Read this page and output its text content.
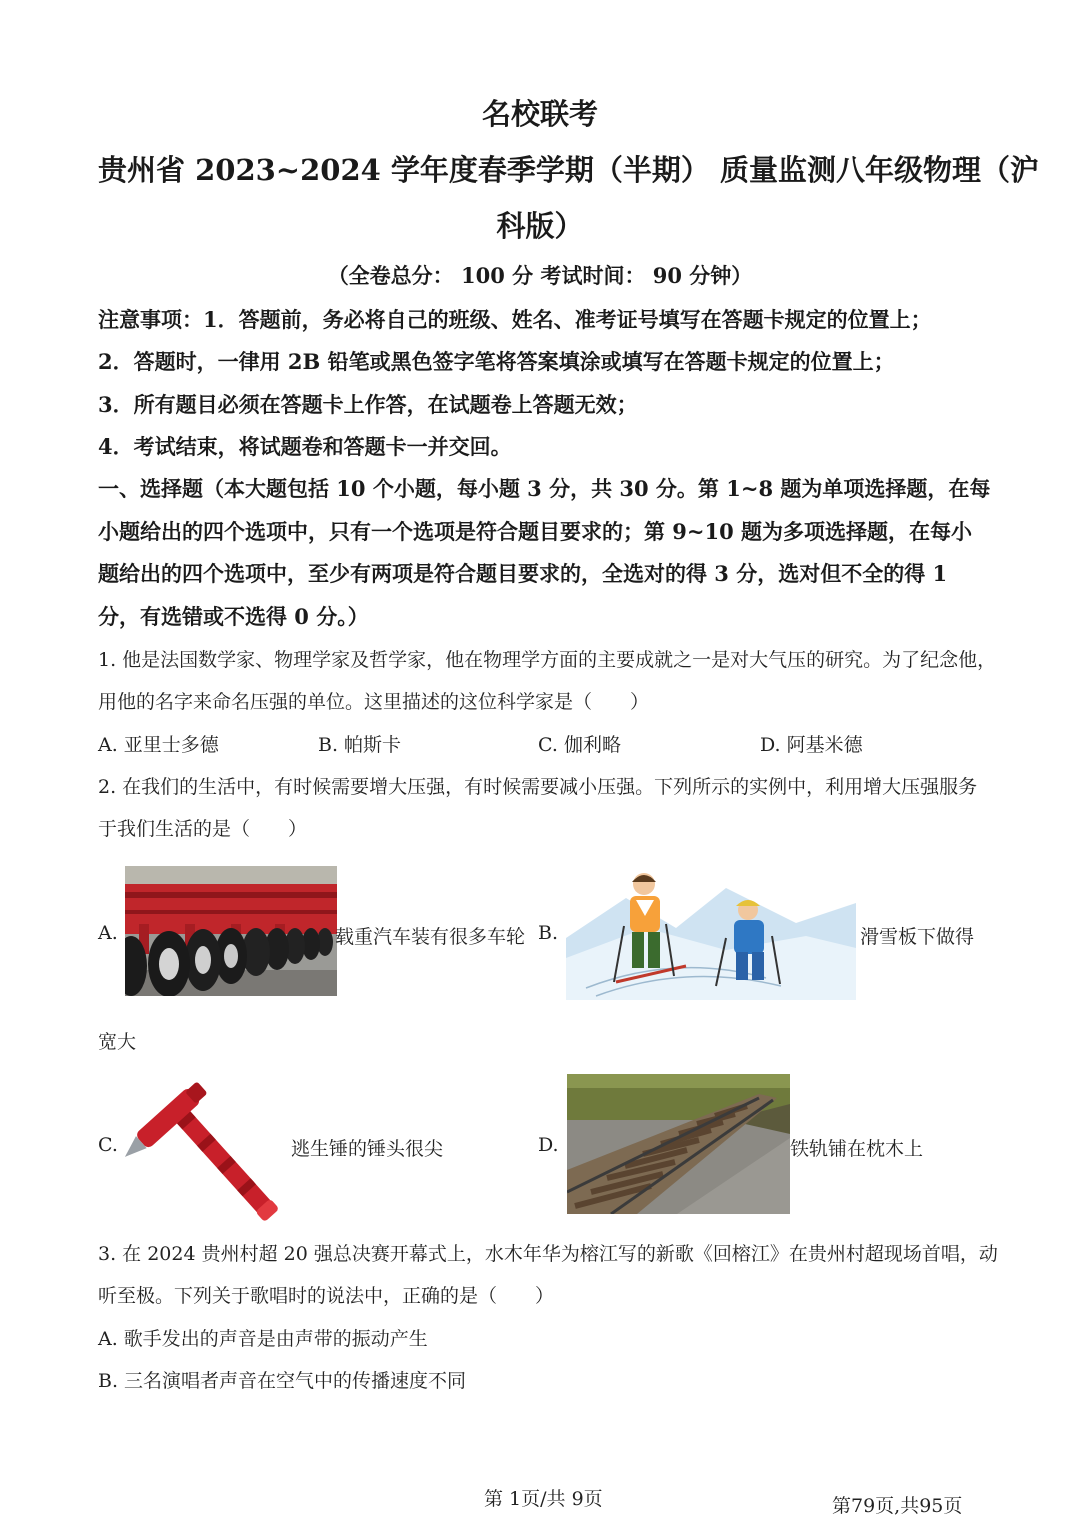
名校联考
贵州省 2023~2024 学年度春季学期（半期） 质量监测八年级物理（沪
科版）
（全卷总分： 100 分 考试时间： 90 分钟）
注意事项：1．答题前，务必将自己的班级、姓名、准考证号填写在答题卡规定的位置上；
2．答题时，一律用 2B 铅笔或黑色签字笔将答案填涂或填写在答题卡规定的位置上；
3．所有题目必须在答题卡上作答，在试题卷上答题无效；
4．考试结束，将试题卷和答题卡一并交回。
一、选择题（本大题包括 10 个小题，每小题 3 分，共 30 分。第 1~8 题为单项选择题，在每
小题给出的四个选项中，只有一个选项是符合题目要求的；第 9~10 题为多项选择题，在每小
题给出的四个选项中，至少有两项是符合题目要求的，全选对的得 3 分，选对但不全的得 1
分，有选错或不选得 0 分。）
1. 他是法国数学家、物理学家及哲学家，他在物理学方面的主要成就之一是对大气压的研究。为了纪念他，
用他的名字来命名压强的单位。这里描述的这位科学家是（　　）
A. 亚里士多德	B. 帕斯卡	C. 伽利略	D. 阿基米德
2. 在我们的生活中，有时候需要增大压强，有时候需要减小压强。下列所示的实例中，利用增大压强服务
于我们生活的是（　　）
A.	载重汽车装有很多车轮 B.	滑雪板下做得
宽大
C.	逃生锤的锤头很尖	D.	铁轨铺在枕木上
3. 在 2024 贵州村超 20 强总决赛开幕式上，水木年华为榕江写的新歌《回榕江》在贵州村超现场首唱，动
听至极。下列关于歌唱时的说法中，正确的是（　　）
A. 歌手发出的声音是由声带的振动产生
B. 三名演唱者声音在空气中的传播速度不同
第 1页/共 9页	第79页,共95页
